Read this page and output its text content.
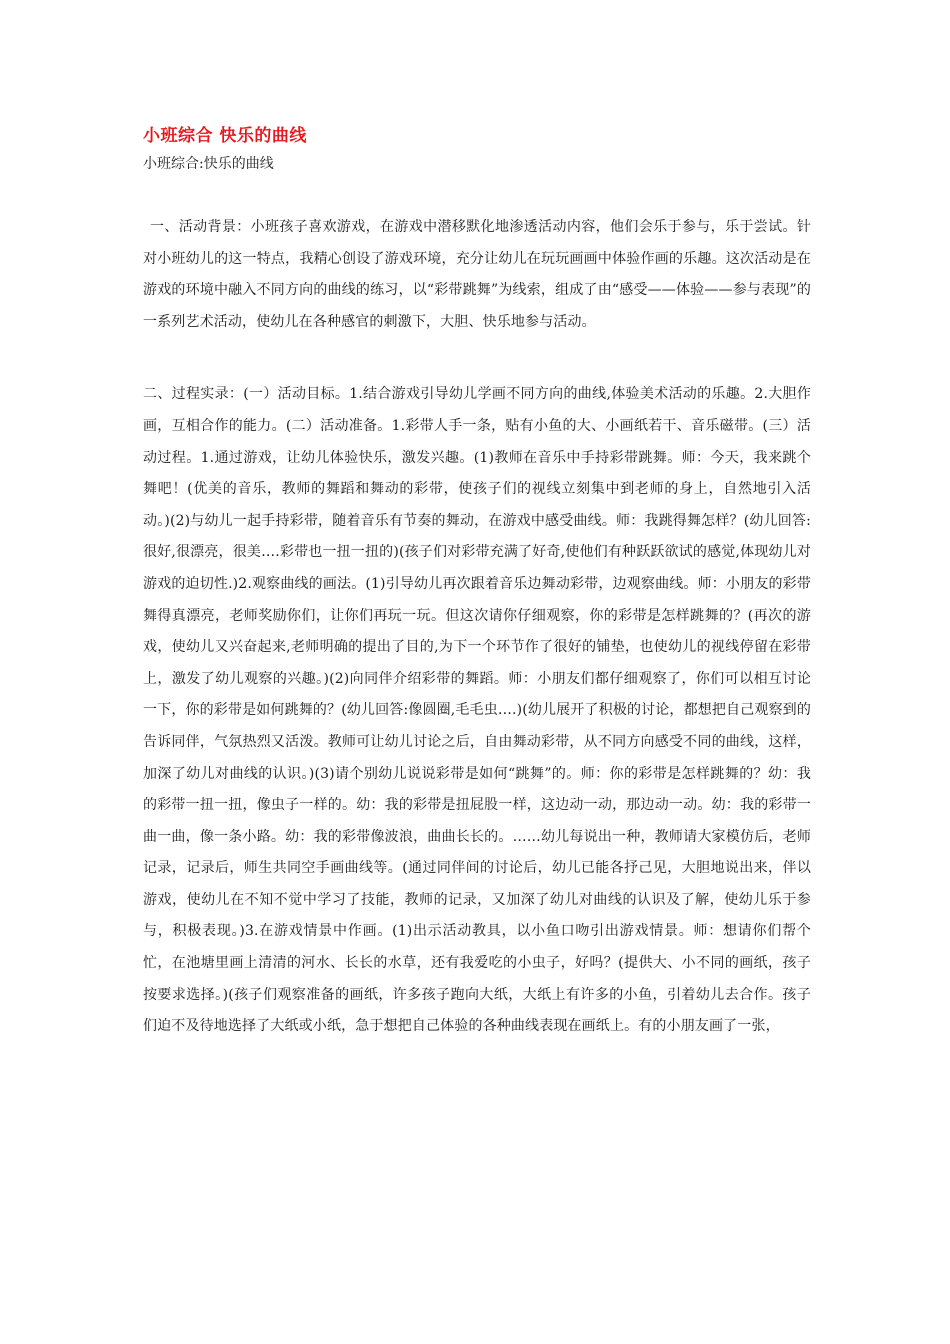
小班综合 快乐的曲线

小班综合:快乐的曲线

一、活动背景：小班孩子喜欢游戏，在游戏中潜移默化地渗透活动内容，他们会乐于参与，乐于尝试。针对小班幼儿的这一特点，我精心创设了游戏环境，充分让幼儿在玩玩画画中体验作画的乐趣。这次活动是在游戏的环境中融入不同方向的曲线的练习，以“彩带跳舞”为线索，组成了由“感受——体验——参与表现”的一系列艺术活动，使幼儿在各种感官的刺激下，大胆、快乐地参与活动。

二、过程实录：(一）活动目标。1.结合游戏引导幼儿学画不同方向的曲线,体验美术活动的乐趣。2.大胆作画，互相合作的能力。(二）活动准备。1.彩带人手一条，贴有小鱼的大、小画纸若干、音乐磁带。(三）活动过程。1.通过游戏，让幼儿体验快乐，激发兴趣。(1)教师在音乐中手持彩带跳舞。师：今天，我来跳个舞吧！(优美的音乐，教师的舞蹈和舞动的彩带，使孩子们的视线立刻集中到老师的身上，自然地引入活动。)(2)与幼儿一起手持彩带，随着音乐有节奏的舞动，在游戏中感受曲线。师：我跳得舞怎样？(幼儿回答:很好,很漂亮，很美….彩带也一扭一扭的)(孩子们对彩带充满了好奇,使他们有种跃跃欲试的感觉,体现幼儿对游戏的迫切性.)2.观察曲线的画法。(1)引导幼儿再次跟着音乐边舞动彩带，边观察曲线。师：小朋友的彩带舞得真漂亮，老师奖励你们，让你们再玩一玩。但这次请你仔细观察，你的彩带是怎样跳舞的？(再次的游戏，使幼儿又兴奋起来,老师明确的提出了目的,为下一个环节作了很好的铺垫，也使幼儿的视线停留在彩带上，激发了幼儿观察的兴趣。)(2)向同伴介绍彩带的舞蹈。师：小朋友们都仔细观察了，你们可以相互讨论一下，你的彩带是如何跳舞的？(幼儿回答:像圆圈,毛毛虫….)(幼儿展开了积极的讨论，都想把自己观察到的告诉同伴，气氛热烈又活泼。教师可让幼儿讨论之后，自由舞动彩带，从不同方向感受不同的曲线，这样，加深了幼儿对曲线的认识。)(3)请个别幼儿说说彩带是如何“跳舞”的。师：你的彩带是怎样跳舞的？幼：我的彩带一扭一扭，像虫子一样的。幼：我的彩带是扭屁股一样，这边动一动，那边动一动。幼：我的彩带一曲一曲，像一条小路。幼：我的彩带像波浪，曲曲长长的。……幼儿每说出一种，教师请大家模仿后，老师记录，记录后，师生共同空手画曲线等。(通过同伴间的讨论后，幼儿已能各抒己见，大胆地说出来，伴以游戏，使幼儿在不知不觉中学习了技能，教师的记录，又加深了幼儿对曲线的认识及了解，使幼儿乐于参与，积极表现。)3.在游戏情景中作画。(1)出示活动教具，以小鱼口吻引出游戏情景。师：想请你们帮个忙，在池塘里画上清清的河水、长长的水草，还有我爱吃的小虫子，好吗？(提供大、小不同的画纸，孩子按要求选择。)(孩子们观察准备的画纸，许多孩子跑向大纸，大纸上有许多的小鱼，引着幼儿去合作。孩子们迫不及待地选择了大纸或小纸，急于想把自己体验的各种曲线表现在画纸上。有的小朋友画了一张，
